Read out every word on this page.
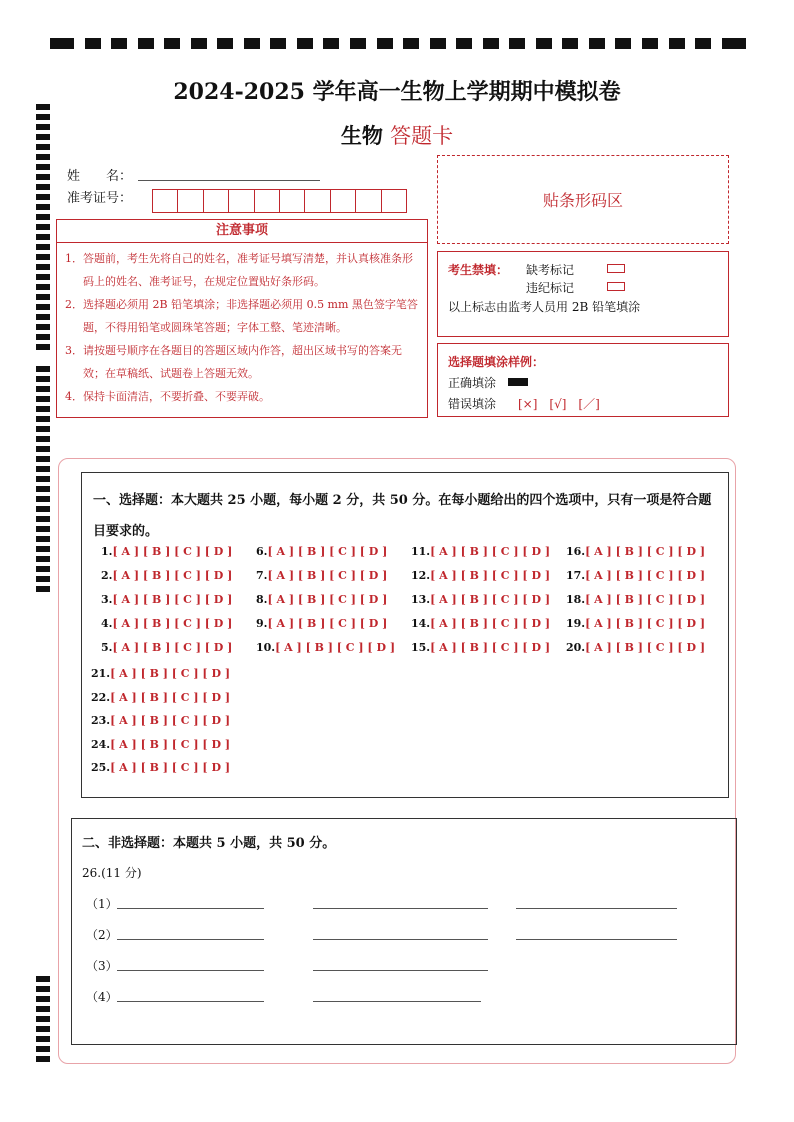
2024-2025 学年高一生物上学期期中模拟卷
生物 答题卡
姓　　名：
准考证号：	贴条形码区
注意事项
1．答题前，考生先将自己的姓名，准考证号填写清楚，并认真核准条形码上的姓名、准考证号，在规定位置贴好条形码。
2．选择题必须用 2B 铅笔填涂；非选择题必须用 0.5 mm 黑色签字笔答题，不得用铅笔或圆珠笔答题；字体工整、笔迹清晰。
3．请按题号顺序在各题目的答题区域内作答，超出区域书写的答案无效；在草稿纸、试题卷上答题无效。
4．保持卡面清洁，不要折叠、不要弄破。
考生禁填： 缺考标记
违纪标记
以上标志由监考人员用 2B 铅笔填涂
选择题填涂样例：
正确填涂
错误填涂 [×]　[√]　[／]
一、选择题：本大题共 25 小题，每小题 2 分，共 50 分。在每小题给出的四个选项中，只有一项是符合题目要求的。
1.[ A ] [ B ] [ C ] [ D ]
2.[ A ] [ B ] [ C ] [ D ]
3.[ A ] [ B ] [ C ] [ D ]
4.[ A ] [ B ] [ C ] [ D ]
5.[ A ] [ B ] [ C ] [ D ]
6.[ A ] [ B ] [ C ] [ D ]
7.[ A ] [ B ] [ C ] [ D ]
8.[ A ] [ B ] [ C ] [ D ]
9.[ A ] [ B ] [ C ] [ D ]
10.[ A ] [ B ] [ C ] [ D ]
11.[ A ] [ B ] [ C ] [ D ]
12.[ A ] [ B ] [ C ] [ D ]
13.[ A ] [ B ] [ C ] [ D ]
14.[ A ] [ B ] [ C ] [ D ]
15.[ A ] [ B ] [ C ] [ D ]
16.[ A ] [ B ] [ C ] [ D ]
17.[ A ] [ B ] [ C ] [ D ]
18.[ A ] [ B ] [ C ] [ D ]
19.[ A ] [ B ] [ C ] [ D ]
20.[ A ] [ B ] [ C ] [ D ]
21.[ A ] [ B ] [ C ] [ D ]
22.[ A ] [ B ] [ C ] [ D ]
23.[ A ] [ B ] [ C ] [ D ]
24.[ A ] [ B ] [ C ] [ D ]
25.[ A ] [ B ] [ C ] [ D ]
二、非选择题：本题共 5 小题，共 50 分。
26.(11 分)
（1）
（2）
（3）
（4）
